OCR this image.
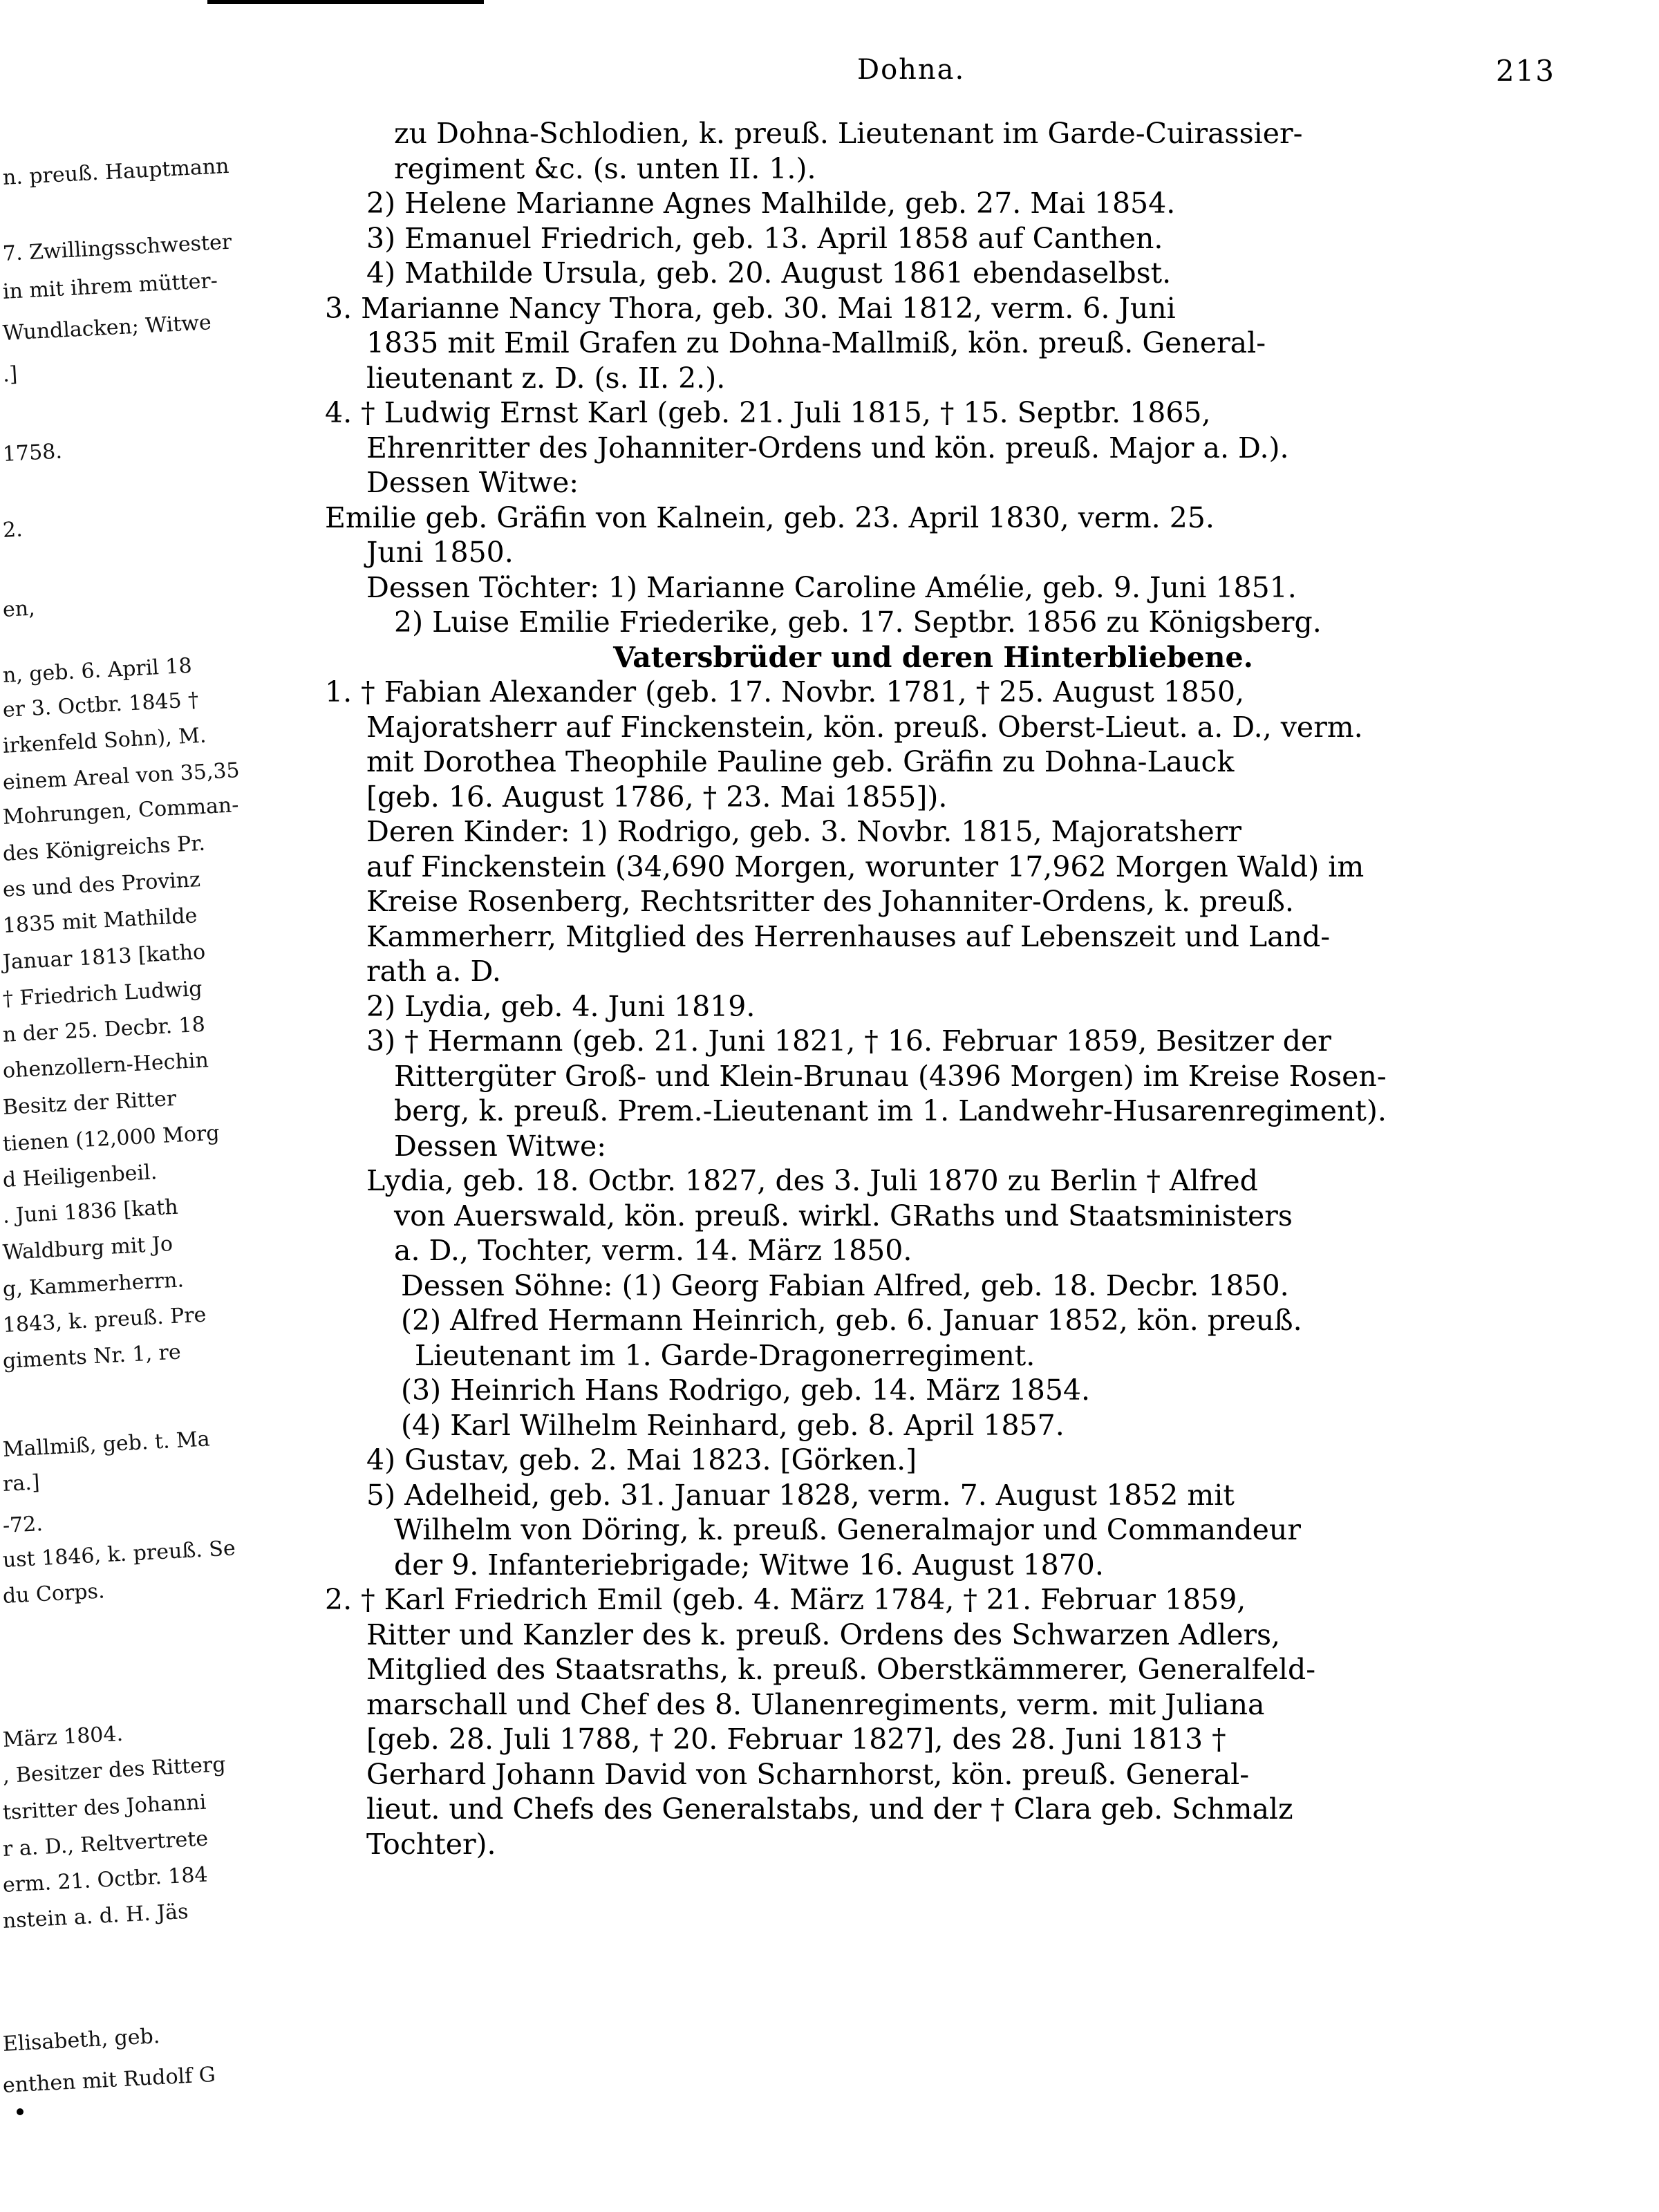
Dohna.	213
n. preuß. Hauptmann
7. Zwillingsschwester
in mit ihrem mütter-
Wundlacken; Witwe
.]
1758.
2.
en,
n, geb. 6. April 18
er 3. Octbr. 1845 †
irkenfeld Sohn), M.
einem Areal von 35,35
Mohrungen, Comman-
des Königreichs Pr.
es und des Provinz
1835 mit Mathilde
Januar 1813 [katho
† Friedrich Ludwig
n der 25. Decbr. 18
ohenzollern-Hechin
Besitz der Ritter
tienen (12,000 Morg
d Heiligenbeil.
. Juni 1836 [kath
Waldburg mit Jo
g, Kammerherrn.
1843, k. preuß. Pre
giments Nr. 1, re
Mallmiß, geb. t. Ma
ra.]
-72.
ust 1846, k. preuß. Se
du Corps.
März 1804.
, Besitzer des Ritterg
tsritter des Johanni
r a. D., Reltvertrete
erm. 21. Octbr. 184
nstein a. d. H. Jäs
Elisabeth, geb.
enthen mit Rudolf G
zu Dohna-Schlodien, k. preuß. Lieutenant im Garde-Cuirassier-
regiment &c. (s. unten II. 1.).
2) Helene Marianne Agnes Malhilde, geb. 27. Mai 1854.
3) Emanuel Friedrich, geb. 13. April 1858 auf Canthen.
4) Mathilde Ursula, geb. 20. August 1861 ebendaselbst.
3. Marianne Nancy Thora, geb. 30. Mai 1812, verm. 6. Juni
1835 mit Emil Grafen zu Dohna-Mallmiß, kön. preuß. General-
lieutenant z. D. (s. II. 2.).
4. † Ludwig Ernst Karl (geb. 21. Juli 1815, † 15. Septbr. 1865,
Ehrenritter des Johanniter-Ordens und kön. preuß. Major a. D.).
Dessen Witwe:
Emilie geb. Gräfin von Kalnein, geb. 23. April 1830, verm. 25.
Juni 1850.
Dessen Töchter: 1) Marianne Caroline Amélie, geb. 9. Juni 1851.
2) Luise Emilie Friederike, geb. 17. Septbr. 1856 zu Königsberg.
Vatersbrüder und deren Hinterbliebene.
1. † Fabian Alexander (geb. 17. Novbr. 1781, † 25. August 1850,
Majoratsherr auf Finckenstein, kön. preuß. Oberst-Lieut. a. D., verm.
mit Dorothea Theophile Pauline geb. Gräfin zu Dohna-Lauck
[geb. 16. August 1786, † 23. Mai 1855]).
Deren Kinder: 1) Rodrigo, geb. 3. Novbr. 1815, Majoratsherr
auf Finckenstein (34,690 Morgen, worunter 17,962 Morgen Wald) im
Kreise Rosenberg, Rechtsritter des Johanniter-Ordens, k. preuß.
Kammerherr, Mitglied des Herrenhauses auf Lebenszeit und Land-
rath a. D.
2) Lydia, geb. 4. Juni 1819.
3) † Hermann (geb. 21. Juni 1821, † 16. Februar 1859, Besitzer der
Rittergüter Groß- und Klein-Brunau (4396 Morgen) im Kreise Rosen-
berg, k. preuß. Prem.-Lieutenant im 1. Landwehr-Husarenregiment).
Dessen Witwe:
Lydia, geb. 18. Octbr. 1827, des 3. Juli 1870 zu Berlin † Alfred
von Auerswald, kön. preuß. wirkl. GRaths und Staatsministers
a. D., Tochter, verm. 14. März 1850.
Dessen Söhne: (1) Georg Fabian Alfred, geb. 18. Decbr. 1850.
(2) Alfred Hermann Heinrich, geb. 6. Januar 1852, kön. preuß.
Lieutenant im 1. Garde-Dragonerregiment.
(3) Heinrich Hans Rodrigo, geb. 14. März 1854.
(4) Karl Wilhelm Reinhard, geb. 8. April 1857.
4) Gustav, geb. 2. Mai 1823. [Görken.]
5) Adelheid, geb. 31. Januar 1828, verm. 7. August 1852 mit
Wilhelm von Döring, k. preuß. Generalmajor und Commandeur
der 9. Infanteriebrigade; Witwe 16. August 1870.
2. † Karl Friedrich Emil (geb. 4. März 1784, † 21. Februar 1859,
Ritter und Kanzler des k. preuß. Ordens des Schwarzen Adlers,
Mitglied des Staatsraths, k. preuß. Oberstkämmerer, Generalfeld-
marschall und Chef des 8. Ulanenregiments, verm. mit Juliana
[geb. 28. Juli 1788, † 20. Februar 1827], des 28. Juni 1813 †
Gerhard Johann David von Scharnhorst, kön. preuß. General-
lieut. und Chefs des Generalstabs, und der † Clara geb. Schmalz
Tochter).
